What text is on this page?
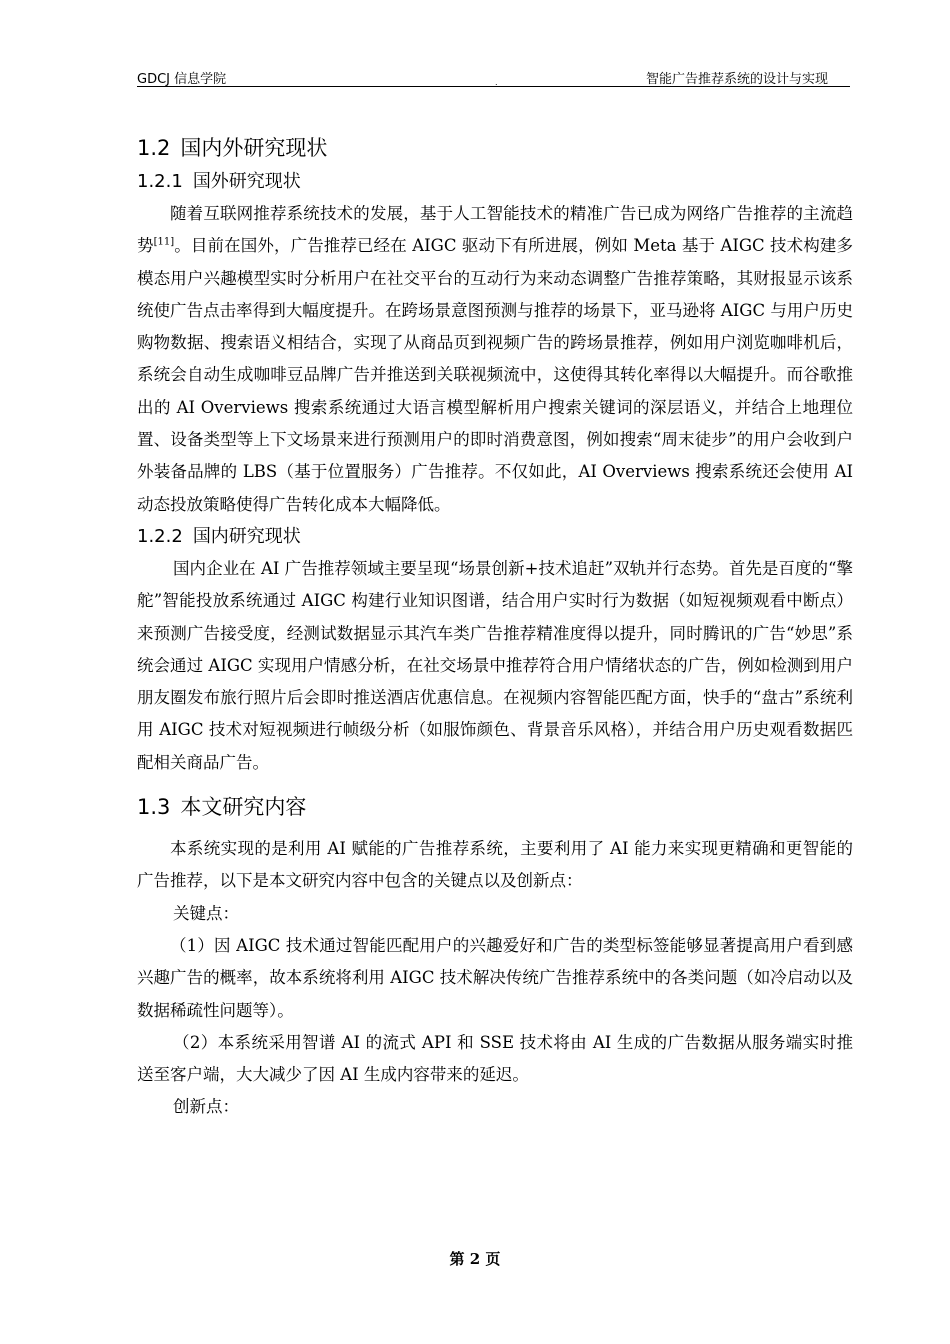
GDCJ 信息学院	.	智能广告推荐系统的设计与实现
1.2 国内外研究现状
1.2.1 国外研究现状

随着互联网推荐系统技术的发展，基于人工智能技术的精准广告已成为网络广告推荐的主流趋势[11]。目前在国外，广告推荐已经在 AIGC 驱动下有所进展，例如 Meta 基于 AIGC 技术构建多模态用户兴趣模型实时分析用户在社交平台的互动行为来动态调整广告推荐策略，其财报显示该系统使广告点击率得到大幅度提升。在跨场景意图预测与推荐的场景下，亚马逊将 AIGC 与用户历史购物数据、搜索语义相结合，实现了从商品页到视频广告的跨场景推荐，例如用户浏览咖啡机后，系统会自动生成咖啡豆品牌广告并推送到关联视频流中，这使得其转化率得以大幅提升。而谷歌推出的 AI Overviews 搜索系统通过大语言模型解析用户搜索关键词的深层语义，并结合上地理位置、设备类型等上下文场景来进行预测用户的即时消费意图，例如搜索“周末徒步”的用户会收到户外装备品牌的 LBS（基于位置服务）广告推荐。不仅如此，AI Overviews 搜索系统还会使用 AI 动态投放策略使得广告转化成本大幅降低。

1.2.2 国内研究现状

国内企业在 AI 广告推荐领域主要呈现“场景创新+技术追赶”双轨并行态势。首先是百度的“擎舵”智能投放系统通过 AIGC 构建行业知识图谱，结合用户实时行为数据（如短视频观看中断点）来预测广告接受度，经测试数据显示其汽车类广告推荐精准度得以提升，同时腾讯的广告“妙思”系统会通过 AIGC 实现用户情感分析，在社交场景中推荐符合用户情绪状态的广告，例如检测到用户朋友圈发布旅行照片后会即时推送酒店优惠信息。在视频内容智能匹配方面，快手的“盘古”系统利用 AIGC 技术对短视频进行帧级分析（如服饰颜色、背景音乐风格），并结合用户历史观看数据匹配相关商品广告。

1.3 本文研究内容

本系统实现的是利用 AI 赋能的广告推荐系统，主要利用了 AI 能力来实现更精确和更智能的广告推荐，以下是本文研究内容中包含的关键点以及创新点：

关键点：

（1）因 AIGC 技术通过智能匹配用户的兴趣爱好和广告的类型标签能够显著提高用户看到感兴趣广告的概率，故本系统将利用 AIGC 技术解决传统广告推荐系统中的各类问题（如冷启动以及数据稀疏性问题等）。

（2）本系统采用智谱 AI 的流式 API 和 SSE 技术将由 AI 生成的广告数据从服务端实时推送至客户端，大大减少了因 AI 生成内容带来的延迟。

创新点：

第 2 页
